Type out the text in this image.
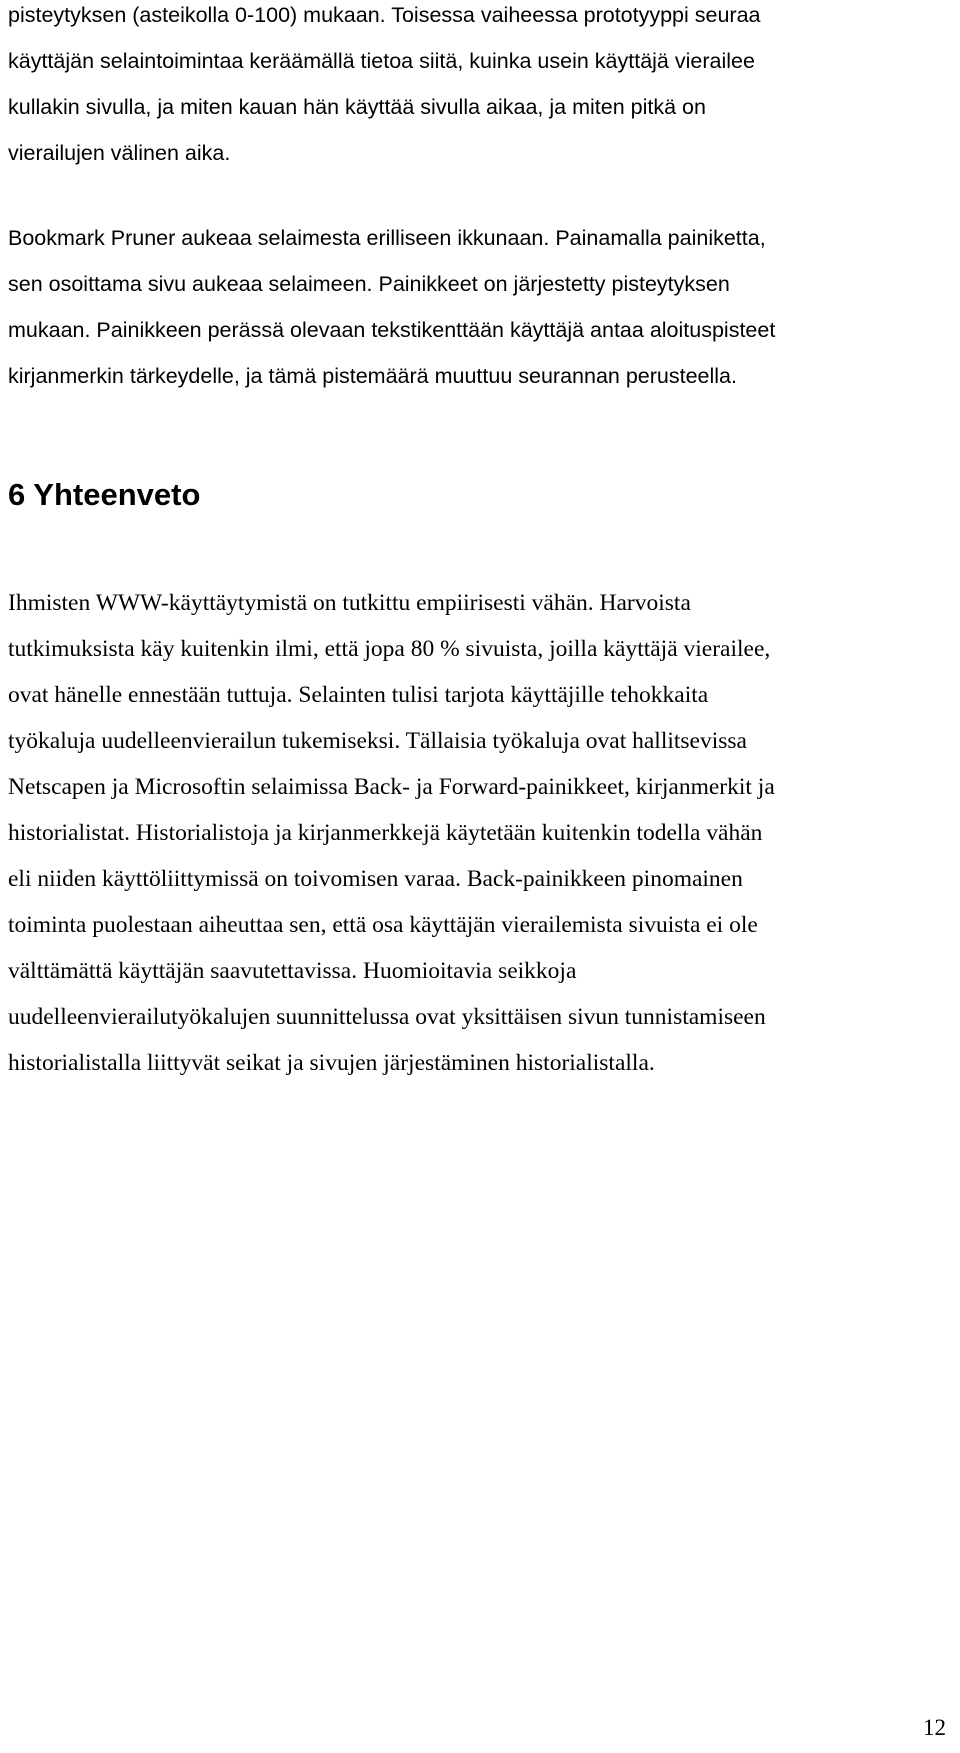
pisteytyksen (asteikolla 0-100) mukaan. Toisessa vaiheessa prototyyppi seuraa
käyttäjän selaintoimintaa keräämällä tietoa siitä, kuinka usein käyttäjä vierailee
kullakin sivulla, ja miten kauan hän käyttää sivulla aikaa, ja miten pitkä on
vierailujen välinen aika.
Bookmark Pruner aukeaa selaimesta erilliseen ikkunaan. Painamalla painiketta,
sen osoittama sivu aukeaa selaimeen. Painikkeet on järjestetty pisteytyksen
mukaan. Painikkeen perässä olevaan tekstikenttään käyttäjä antaa aloituspisteet
kirjanmerkin tärkeydelle, ja tämä pistemäärä muuttuu seurannan perusteella.
6 Yhteenveto
Ihmisten WWW-käyttäytymistä on tutkittu empiirisesti vähän. Harvoista
tutkimuksista käy kuitenkin ilmi, että jopa 80 % sivuista, joilla käyttäjä vierailee,
ovat hänelle ennestään tuttuja. Selainten tulisi tarjota käyttäjille tehokkaita
työkaluja uudelleenvierailun tukemiseksi. Tällaisia työkaluja ovat hallitsevissa
Netscapen ja Microsoftin selaimissa Back- ja Forward-painikkeet, kirjanmerkit ja
historialistat. Historialistoja ja kirjanmerkkejä käytetään kuitenkin todella vähän
eli niiden käyttöliittymissä on toivomisen varaa. Back-painikkeen pinomainen
toiminta puolestaan aiheuttaa sen, että osa käyttäjän vierailemista sivuista ei ole
välttämättä käyttäjän saavutettavissa. Huomioitavia seikkoja
uudelleenvierailutyökalujen suunnittelussa ovat yksittäisen sivun tunnistamiseen
historialistalla liittyvät seikat ja sivujen järjestäminen historialistalla.
12
